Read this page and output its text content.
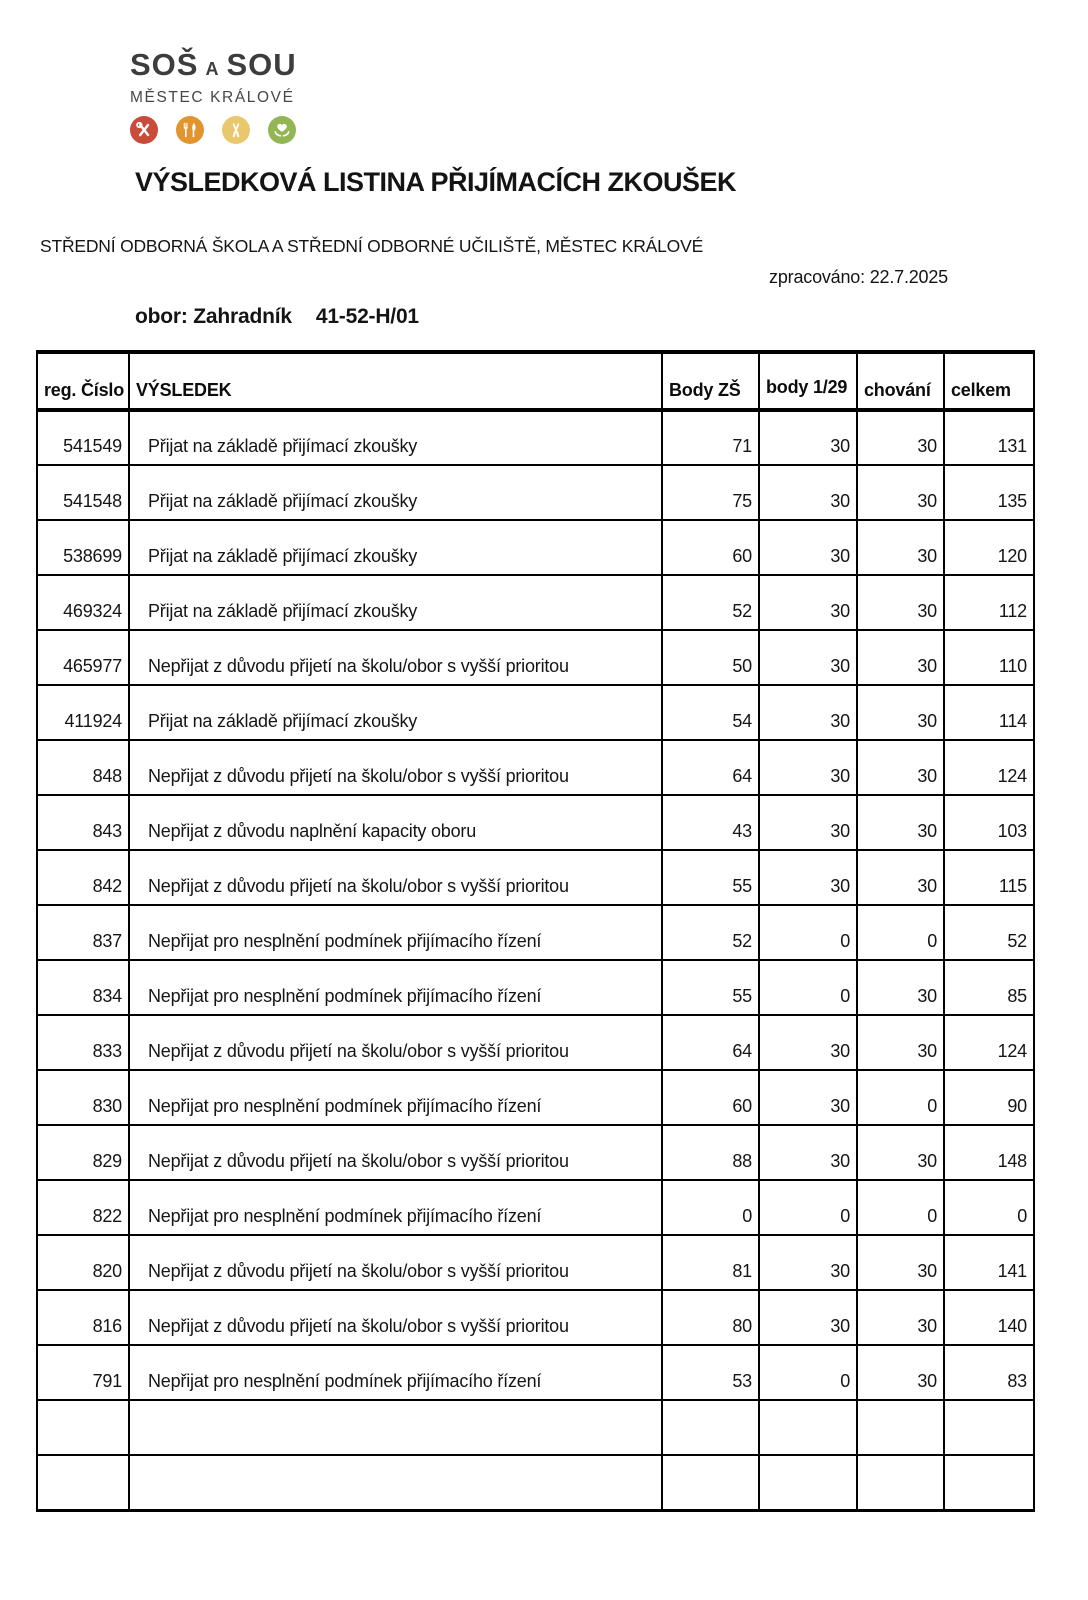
SOŠ A SOU
MĚSTEC KRÁLOVÉ
VÝSLEDKOVÁ LISTINA PŘIJÍMACÍCH ZKOUŠEK
STŘEDNÍ ODBORNÁ ŠKOLA A STŘEDNÍ ODBORNÉ UČILIŠTĚ, MĚSTEC KRÁLOVÉ
zpracováno: 22.7.2025
obor: Zahradník 41-52-H/01
reg. Číslo	VÝSLEDEK	Body ZŠ	body 1/29	chování	celkem
541549	Přijat na základě přijímací zkoušky	71	30	30	131
541548	Přijat na základě přijímací zkoušky	75	30	30	135
538699	Přijat na základě přijímací zkoušky	60	30	30	120
469324	Přijat na základě přijímací zkoušky	52	30	30	112
465977	Nepřijat z důvodu přijetí na školu/obor s vyšší prioritou	50	30	30	110
411924	Přijat na základě přijímací zkoušky	54	30	30	114
848	Nepřijat z důvodu přijetí na školu/obor s vyšší prioritou	64	30	30	124
843	Nepřijat z důvodu naplnění kapacity oboru	43	30	30	103
842	Nepřijat z důvodu přijetí na školu/obor s vyšší prioritou	55	30	30	115
837	Nepřijat pro nesplnění podmínek přijímacího řízení	52	0	0	52
834	Nepřijat pro nesplnění podmínek přijímacího řízení	55	0	30	85
833	Nepřijat z důvodu přijetí na školu/obor s vyšší prioritou	64	30	30	124
830	Nepřijat pro nesplnění podmínek přijímacího řízení	60	30	0	90
829	Nepřijat z důvodu přijetí na školu/obor s vyšší prioritou	88	30	30	148
822	Nepřijat pro nesplnění podmínek přijímacího řízení	0	0	0	0
820	Nepřijat z důvodu přijetí na školu/obor s vyšší prioritou	81	30	30	141
816	Nepřijat z důvodu přijetí na školu/obor s vyšší prioritou	80	30	30	140
791	Nepřijat pro nesplnění podmínek přijímacího řízení	53	0	30	83
